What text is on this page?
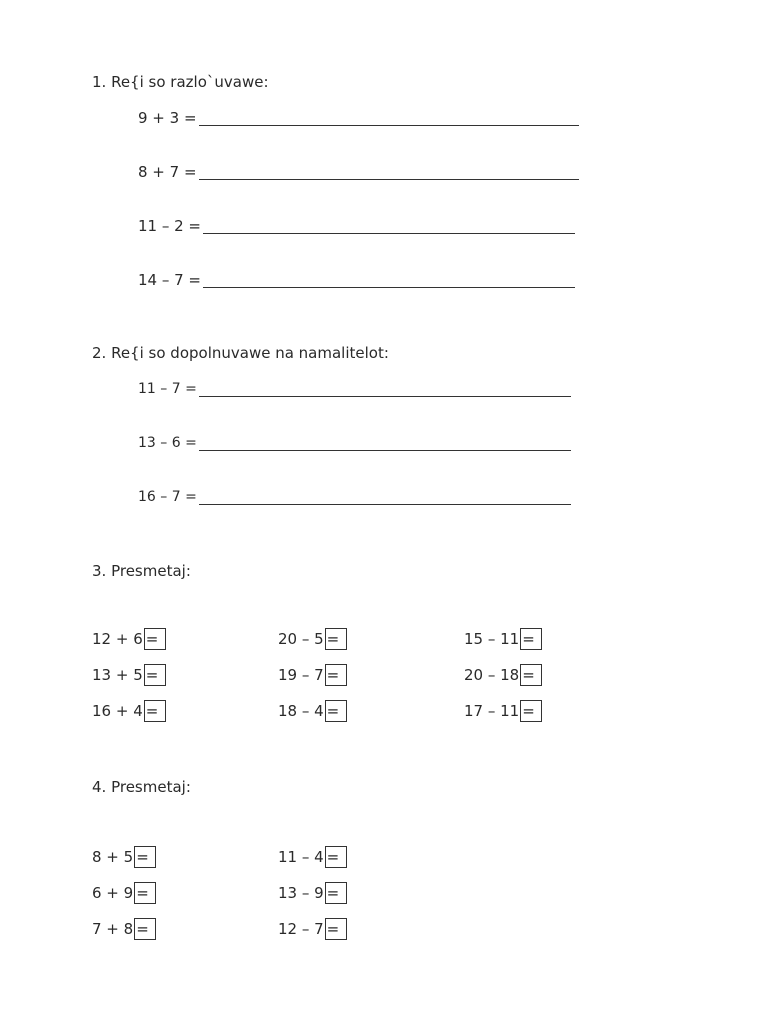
1. Re{i so razlo`uvawe:
9 + 3 =
8 + 7 =
11 – 2 =
14 – 7 =
2. Re{i so dopolnuvawe na namalitelot:
11 – 7 =
13 – 6 =
16 – 7 =
3. Presmetaj:
12 + 6 =
13 + 5 =
16 + 4 =
20 – 5 =
19 – 7 =
18 – 4 =
15 – 11 =
20 – 18 =
17 – 11 =
4. Presmetaj:
8 + 5 =
6 + 9 =
7 + 8 =
11 – 4 =
13 – 9 =
12 – 7 =
